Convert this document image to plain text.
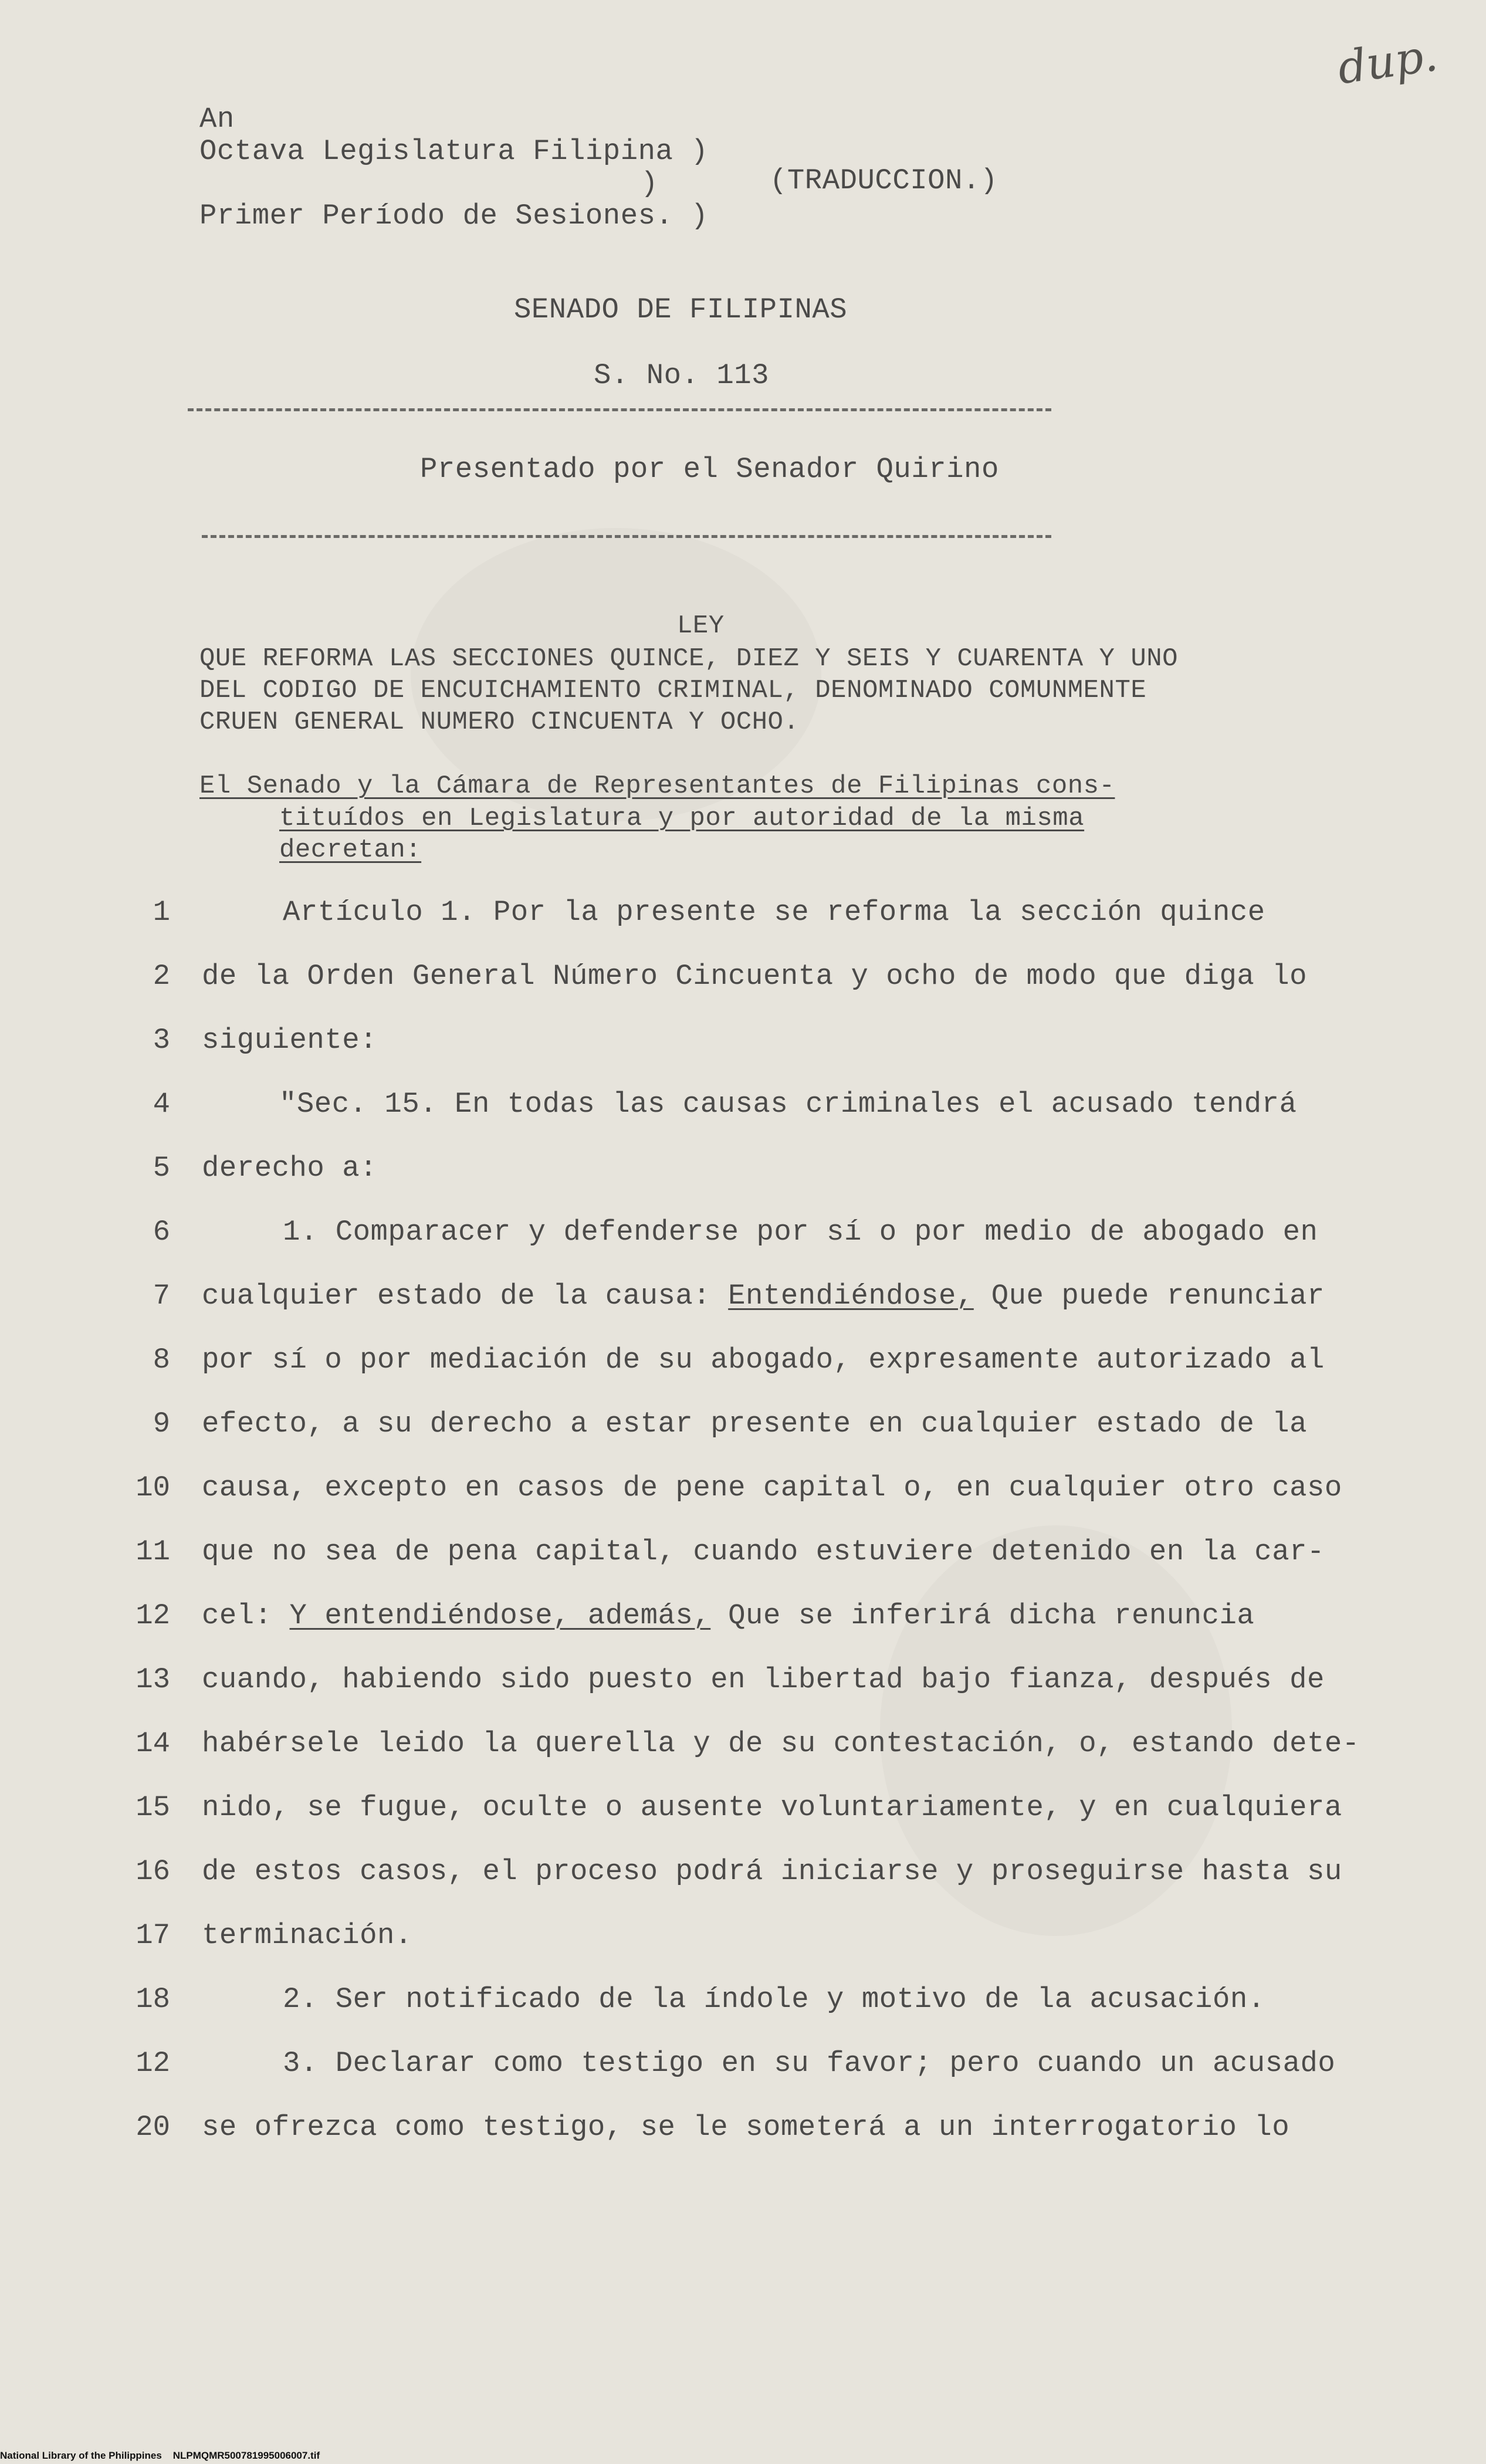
dup.
An
Octava Legislatura Filipina )
)
Primer Período de Sesiones. )
(TRADUCCION.)
SENADO DE FILIPINAS
S. No. 113
Presentado por el Senador Quirino
LEY
QUE REFORMA LAS SECCIONES QUINCE, DIEZ Y SEIS Y CUARENTA Y UNO
DEL CODIGO DE ENCUICHAMIENTO CRIMINAL, DENOMINADO COMUNMENTE
CRUEN GENERAL NUMERO CINCUENTA Y OCHO.
El Senado y la Cámara de Representantes de Filipinas cons-
tituídos en Legislatura y por autoridad de la misma
decretan:
1	Artículo 1. Por la presente se reforma la sección quince
2 de la Orden General Número Cincuenta y ocho de modo que diga lo
3 siguiente:
4	"Sec. 15. En todas las causas criminales el acusado tendrá
5 derecho a:
6	1. Comparacer y defenderse por sí o por medio de abogado en
7 cualquier estado de la causa: Entendiéndose, Que puede renunciar
8 por sí o por mediación de su abogado, expresamente autorizado al
9 efecto, a su derecho a estar presente en cualquier estado de la
10 causa, excepto en casos de pene capital o, en cualquier otro caso
11 que no sea de pena capital, cuando estuviere detenido en la car-
12 cel: Y entendiéndose, además, Que se inferirá dicha renuncia
13 cuando, habiendo sido puesto en libertad bajo fianza, después de
14 habérsele leido la querella y de su contestación, o, estando dete-
15 nido, se fugue, oculte o ausente voluntariamente, y en cualquiera
16 de estos casos, el proceso podrá iniciarse y proseguirse hasta su
17 terminación.
18	2. Ser notificado de la índole y motivo de la acusación.
12	3. Declarar como testigo en su favor; pero cuando un acusado
20 se ofrezca como testigo, se le someterá a un interrogatorio lo
National Library of the Philippines    NLPMQMR500781995006007.tif
